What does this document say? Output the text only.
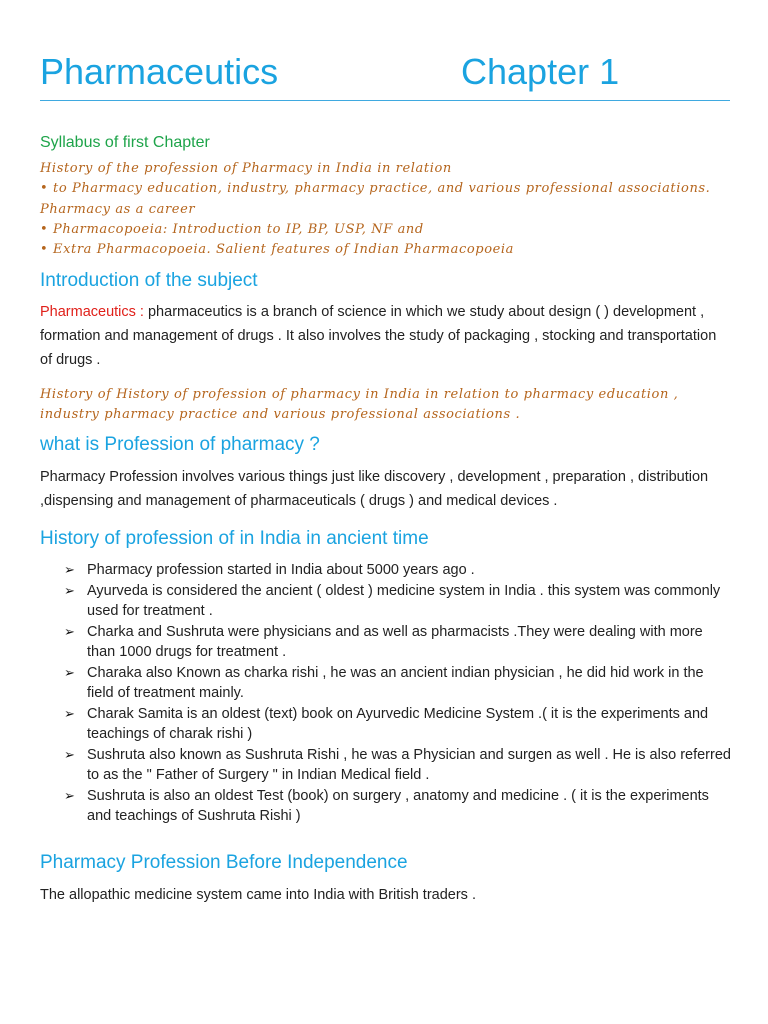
Pharmaceutics	Chapter 1
Syllabus of first Chapter
History of the profession of Pharmacy in India in relation
• to Pharmacy education, industry, pharmacy practice, and various professional associations.
Pharmacy as a career
• Pharmacopoeia: Introduction to IP, BP, USP, NF and
• Extra Pharmacopoeia. Salient features of Indian Pharmacopoeia
Introduction of the subject

Pharmaceutics : pharmaceutics is a branch of science in which we study about design ( ) development , formation and management of drugs . It also involves the study of packaging , stocking and transportation of drugs .

History of History of profession of pharmacy in India in relation to pharmacy education , industry pharmacy practice and various professional associations .

what is Profession of pharmacy ?

Pharmacy Profession involves various things just like discovery , development , preparation , distribution ,dispensing and management of pharmaceuticals ( drugs ) and medical devices .

History of profession of in India in ancient time
➢ Pharmacy profession started in India about 5000 years ago .
➢ Ayurveda is considered the ancient ( oldest ) medicine system in India . this system was commonly used for treatment .
➢ Charka and Sushruta were physicians and as well as pharmacists .They were dealing with more than 1000 drugs for treatment .
➢ Charaka also Known as charka rishi , he was an ancient indian physician , he did hid work in the field of treatment mainly.
➢ Charak Samita is an oldest (text) book on Ayurvedic Medicine System .( it is the experiments and teachings of charak rishi )
➢ Sushruta also known as Sushruta Rishi , he was a Physician and surgen as well . He is also referred to as the " Father of Surgery " in Indian Medical field .
➢ Sushruta is also an oldest Test (book) on surgery , anatomy and medicine . ( it is the experiments and teachings of Sushruta Rishi )
Pharmacy Profession Before Independence

The allopathic medicine system came into India with British traders .
